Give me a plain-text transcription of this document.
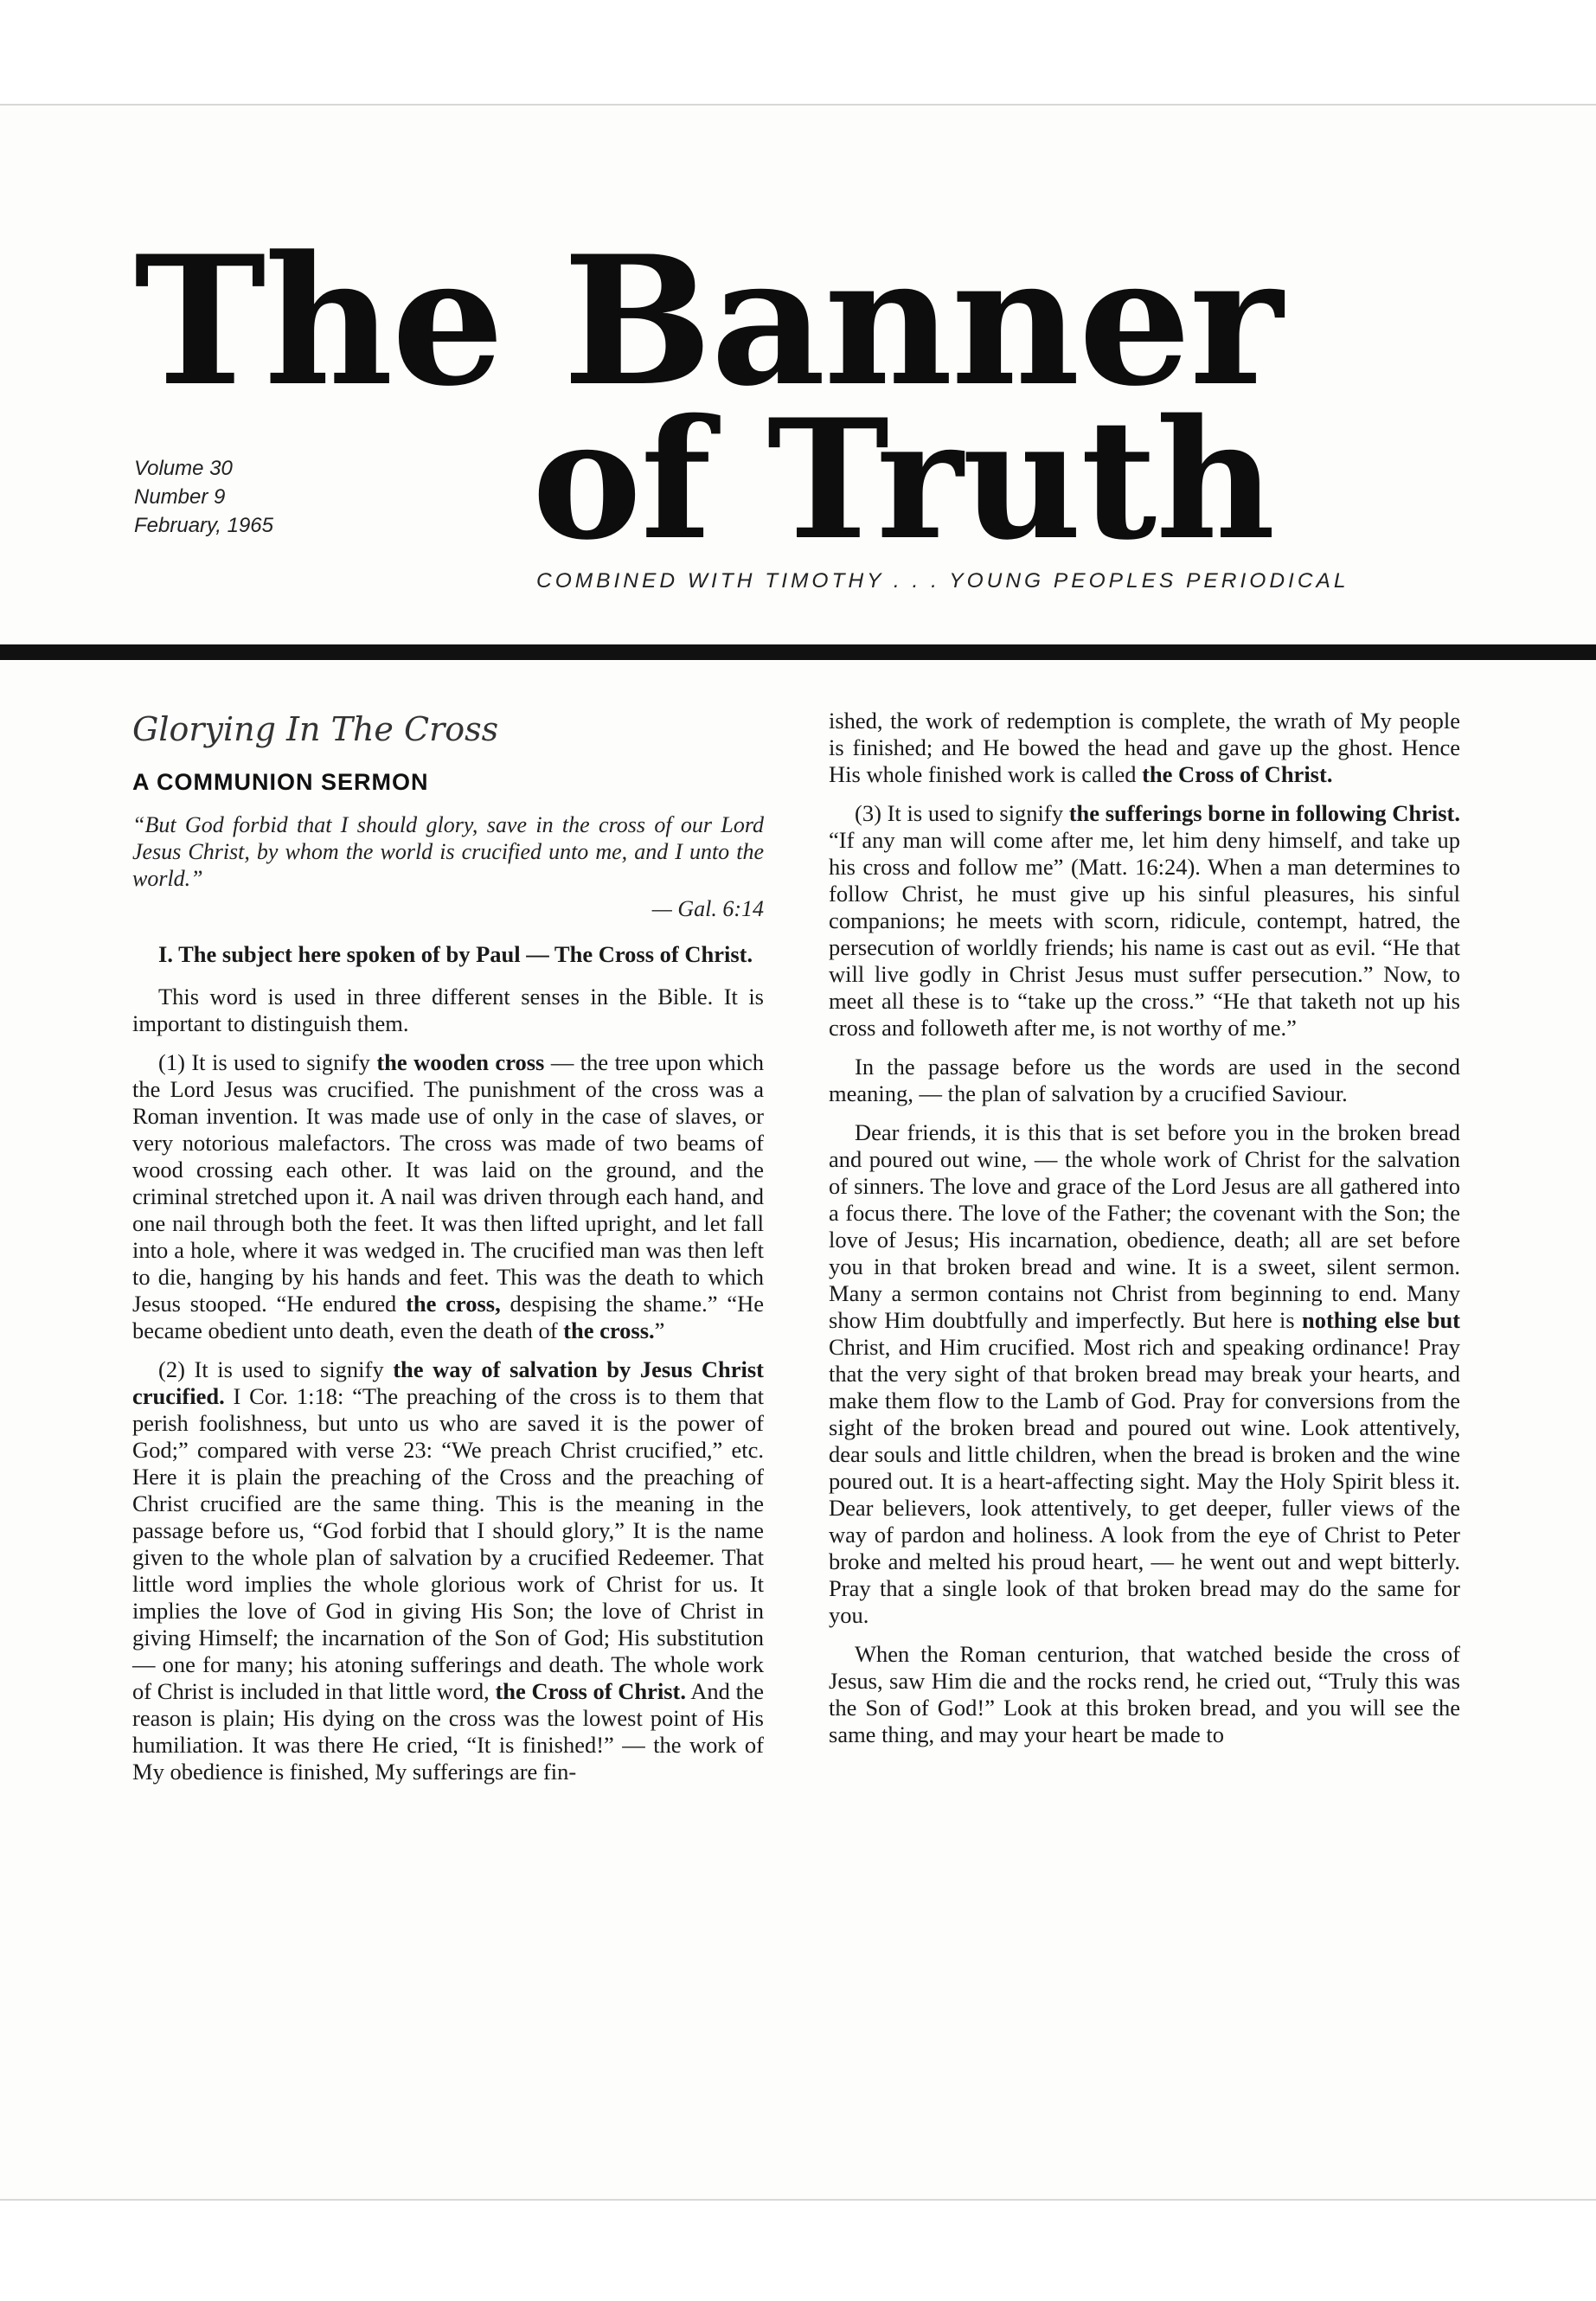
The Banner
of Truth
Volume 30
Number 9
February, 1965
COMBINED WITH TIMOTHY . . . YOUNG PEOPLES PERIODICAL
Glorying In The Cross
A COMMUNION SERMON

“But God forbid that I should glory, save in the cross of our Lord Jesus Christ, by whom the world is crucified unto me, and I unto the world.”

— Gal. 6:14

I. The subject here spoken of by Paul — The Cross of Christ.

This word is used in three different senses in the Bible. It is important to distinguish them.

(1) It is used to signify the wooden cross — the tree upon which the Lord Jesus was crucified. The punishment of the cross was a Roman invention. It was made use of only in the case of slaves, or very notorious malefactors. The cross was made of two beams of wood crossing each other. It was laid on the ground, and the criminal stretched upon it. A nail was driven through each hand, and one nail through both the feet. It was then lifted upright, and let fall into a hole, where it was wedged in. The crucified man was then left to die, hanging by his hands and feet. This was the death to which Jesus stooped. “He endured the cross, despising the shame.” “He became obedient unto death, even the death of the cross.”

(2) It is used to signify the way of salvation by Jesus Christ crucified. I Cor. 1:18: “The preaching of the cross is to them that perish foolishness, but unto us who are saved it is the power of God;” compared with verse 23: “We preach Christ crucified,” etc. Here it is plain the preaching of the Cross and the preaching of Christ crucified are the same thing. This is the meaning in the passage before us, “God forbid that I should glory,” It is the name given to the whole plan of salvation by a crucified Redeemer. That little word implies the whole glorious work of Christ for us. It implies the love of God in giving His Son; the love of Christ in giving Himself; the incarnation of the Son of God; His substitution — one for many; his atoning sufferings and death. The whole work of Christ is included in that little word, the Cross of Christ. And the reason is plain; His dying on the cross was the lowest point of His humiliation. It was there He cried, “It is finished!” — the work of My obedience is finished, My sufferings are fin-

ished, the work of redemption is complete, the wrath of My people is finished; and He bowed the head and gave up the ghost. Hence His whole finished work is called the Cross of Christ.

(3) It is used to signify the sufferings borne in following Christ. “If any man will come after me, let him deny himself, and take up his cross and follow me” (Matt. 16:24). When a man determines to follow Christ, he must give up his sinful pleasures, his sinful companions; he meets with scorn, ridicule, contempt, hatred, the persecution of worldly friends; his name is cast out as evil. “He that will live godly in Christ Jesus must suffer persecution.” Now, to meet all these is to “take up the cross.” “He that taketh not up his cross and followeth after me, is not worthy of me.”

In the passage before us the words are used in the second meaning, — the plan of salvation by a crucified Saviour.

Dear friends, it is this that is set before you in the broken bread and poured out wine, — the whole work of Christ for the salvation of sinners. The love and grace of the Lord Jesus are all gathered into a focus there. The love of the Father; the covenant with the Son; the love of Jesus; His incarnation, obedience, death; all are set before you in that broken bread and wine. It is a sweet, silent sermon. Many a sermon contains not Christ from beginning to end. Many show Him doubtfully and imperfectly. But here is nothing else but Christ, and Him crucified. Most rich and speaking ordinance! Pray that the very sight of that broken bread may break your hearts, and make them flow to the Lamb of God. Pray for conversions from the sight of the broken bread and poured out wine. Look attentively, dear souls and little children, when the bread is broken and the wine poured out. It is a heart-affecting sight. May the Holy Spirit bless it. Dear believers, look attentively, to get deeper, fuller views of the way of pardon and holiness. A look from the eye of Christ to Peter broke and melted his proud heart, — he went out and wept bitterly. Pray that a single look of that broken bread may do the same for you.

When the Roman centurion, that watched beside the cross of Jesus, saw Him die and the rocks rend, he cried out, “Truly this was the Son of God!” Look at this broken bread, and you will see the same thing, and may your heart be made to
